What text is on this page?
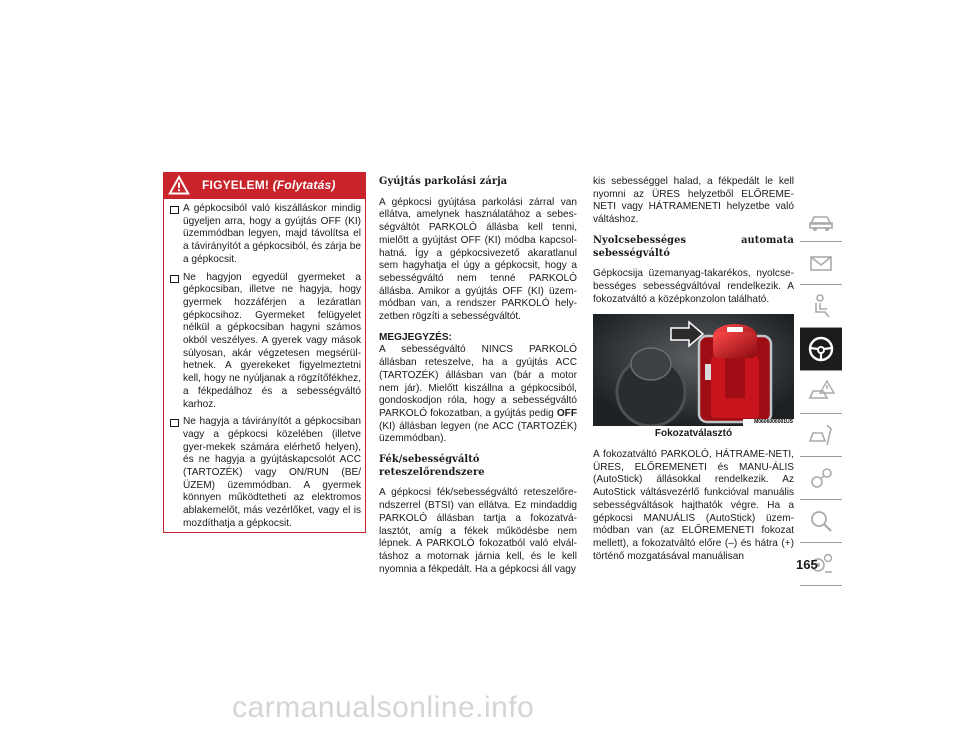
FIGYELEM! (Folytatás)
A gépkocsiból való kiszálláskor mindig ügyeljen arra, hogy a gyújtás OFF (KI) üzemmódban legyen, majd távolítsa el a távirányítót a gépkocsiból, és zárja be a gépkocsit.
Ne hagyjon egyedül gyermeket a gépkocsiban, illetve ne hagyja, hogy gyermek hozzáférjen a lezáratlan gépkocsihoz. Gyermeket felügyelet nélkül a gépkocsiban hagyni számos okból veszélyes. A gyerek vagy mások súlyosan, akár végzetesen megsérül-hetnek. A gyerekeket figyelmeztetni kell, hogy ne nyúljanak a rögzítőfékhez, a fékpedálhoz és a sebességváltó karhoz.
Ne hagyja a távirányítót a gépkocsiban vagy a gépkocsi közelében (illetve gyer-mekek számára elérhető helyen), és ne hagyja a gyújtáskapcsolót ACC (TARTOZÉK) vagy ON/RUN (BE/ ÜZEM) üzemmódban. A gyermek könnyen működtetheti az elektromos ablakemelőt, más vezérlőket, vagy el is mozdíthatja a gépkocsit.
Gyújtás parkolási zárja

A gépkocsi gyújtása parkolási zárral van ellátva, amelynek használatához a sebes-ségváltót PARKOLÓ állásba kell tenni, mielőtt a gyújtást OFF (KI) módba kapcsol-hatná. Így a gépkocsivezető akaratlanul sem hagyhatja el úgy a gépkocsit, hogy a sebességváltó nem tenné PARKOLÓ állásba. Amikor a gyújtás OFF (KI) üzem-módban van, a rendszer PARKOLÓ hely-zetben rögzíti a sebességváltót.

MEGJEGYZÉS:

A sebességváltó NINCS PARKOLÓ állásban reteszelve, ha a gyújtás ACC (TARTOZÉK) állásban van (bár a motor nem jár). Mielőtt kiszállna a gépkocsiból, gondoskodjon róla, hogy a sebességváltó PARKOLÓ fokozatban, a gyújtás pedig OFF (KI) állásban legyen (ne ACC (TARTOZÉK) üzemmódban).

Fék/sebességváltó reteszelőrendszere

A gépkocsi fék/sebességváltó reteszelőre-ndszerrel (BTSI) van ellátva. Ez mindaddig PARKOLÓ állásban tartja a fokozatvá-lasztót, amíg a fékek működésbe nem lépnek. A PARKOLÓ fokozatból való elvál-táshoz a motornak járnia kell, és le kell nyomnia a fékpedált. Ha a gépkocsi áll vagy

kis sebességgel halad, a fékpedált le kell nyomni az ÜRES helyzetből ELŐREME-NETI vagy HÁTRAMENETI helyzetbe való váltáshoz.

Nyolcsebességes automata sebességváltó

Gépkocsija üzemanyag-takarékos, nyolcse-bességes sebességváltóval rendelkezik. A fokozatváltó a középkonzolon található.

M0606000001US

Fokozatválasztó

A fokozatváltó PARKOLÓ, HÁTRAME-NETI, ÜRES, ELŐREMENETI és MANU-ÁLIS (AutoStick) állásokkal rendelkezik. Az AutoStick váltásvezérlő funkcióval manuális sebességváltások hajthatók végre. Ha a gépkocsi MANUÁLIS (AutoStick) üzem-módban van (az ELŐREMENETI fokozat mellett), a fokozatváltó előre (–) és hátra (+) történő mozgatásával manuálisan

165
carmanualsonline.info
